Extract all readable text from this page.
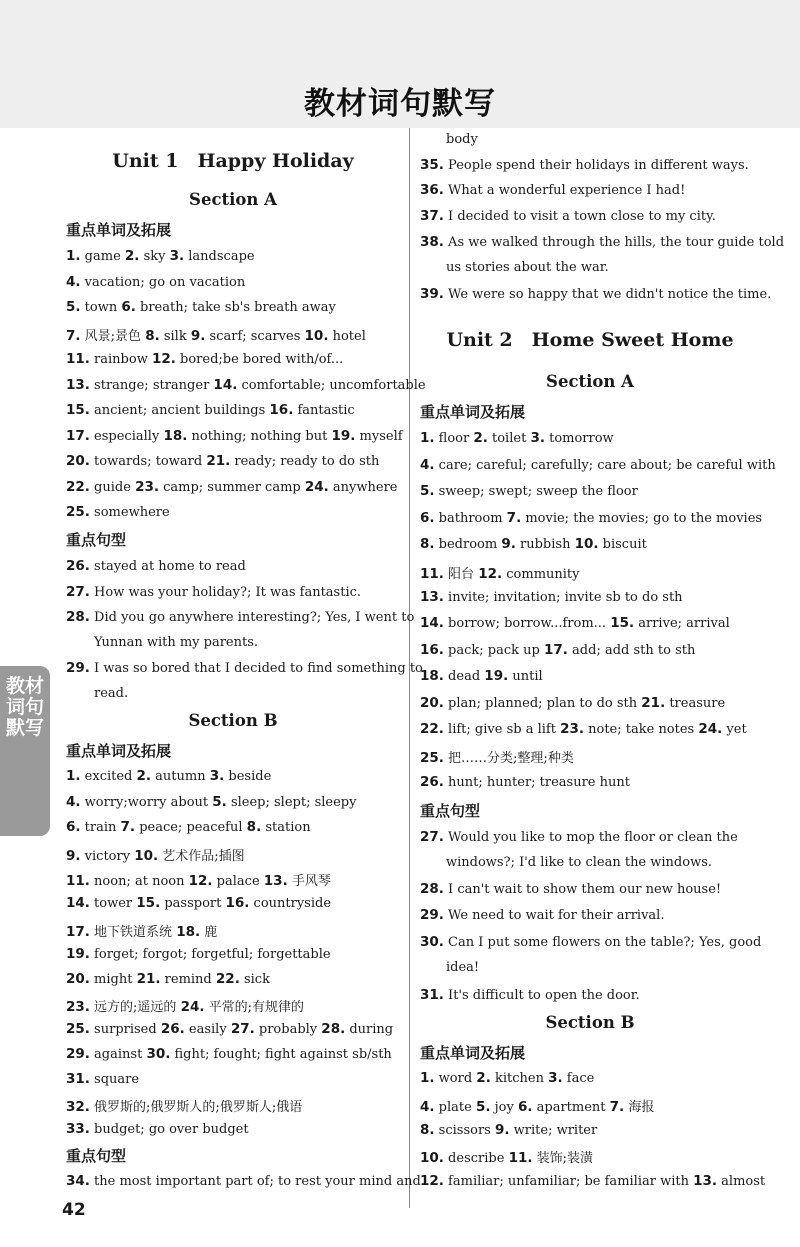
教材词句默写
教材词句默写
42
Unit 1　Happy Holiday
Section A
重点单词及拓展
1. game 2. sky 3. landscape
4. vacation; go on vacation
5. town 6. breath; take sb's breath away
7. 风景;景色 8. silk 9. scarf; scarves 10. hotel
11. rainbow 12. bored;be bored with/of...
13. strange; stranger 14. comfortable; uncomfortable
15. ancient; ancient buildings 16. fantastic
17. especially 18. nothing; nothing but 19. myself
20. towards; toward 21. ready; ready to do sth
22. guide 23. camp; summer camp 24. anywhere
25. somewhere
重点句型
26. stayed at home to read
27. How was your holiday?; It was fantastic.
28. Did you go anywhere interesting?; Yes, I went to
Yunnan with my parents.
29. I was so bored that I decided to find something to
read.
Section B
重点单词及拓展
1. excited 2. autumn 3. beside
4. worry;worry about 5. sleep; slept; sleepy
6. train 7. peace; peaceful 8. station
9. victory 10. 艺术作品;插图
11. noon; at noon 12. palace 13. 手风琴
14. tower 15. passport 16. countryside
17. 地下铁道系统 18. 鹿
19. forget; forgot; forgetful; forgettable
20. might 21. remind 22. sick
23. 远方的;遥远的 24. 平常的;有规律的
25. surprised 26. easily 27. probably 28. during
29. against 30. fight; fought; fight against sb/sth
31. square
32. 俄罗斯的;俄罗斯人的;俄罗斯人;俄语
33. budget; go over budget
重点句型
34. the most important part of; to rest your mind and
body
35. People spend their holidays in different ways.
36. What a wonderful experience I had!
37. I decided to visit a town close to my city.
38. As we walked through the hills, the tour guide told
us stories about the war.
39. We were so happy that we didn't notice the time.
Unit 2　Home Sweet Home
Section A
重点单词及拓展
1. floor 2. toilet 3. tomorrow
4. care; careful; carefully; care about; be careful with
5. sweep; swept; sweep the floor
6. bathroom 7. movie; the movies; go to the movies
8. bedroom 9. rubbish 10. biscuit
11. 阳台 12. community
13. invite; invitation; invite sb to do sth
14. borrow; borrow...from... 15. arrive; arrival
16. pack; pack up 17. add; add sth to sth
18. dead 19. until
20. plan; planned; plan to do sth 21. treasure
22. lift; give sb a lift 23. note; take notes 24. yet
25. 把……分类;整理;种类
26. hunt; hunter; treasure hunt
重点句型
27. Would you like to mop the floor or clean the
windows?; I'd like to clean the windows.
28. I can't wait to show them our new house!
29. We need to wait for their arrival.
30. Can I put some flowers on the table?; Yes, good
idea!
31. It's difficult to open the door.
Section B
重点单词及拓展
1. word 2. kitchen 3. face
4. plate 5. joy 6. apartment 7. 海报
8. scissors 9. write; writer
10. describe 11. 装饰;装潢
12. familiar; unfamiliar; be familiar with 13. almost
